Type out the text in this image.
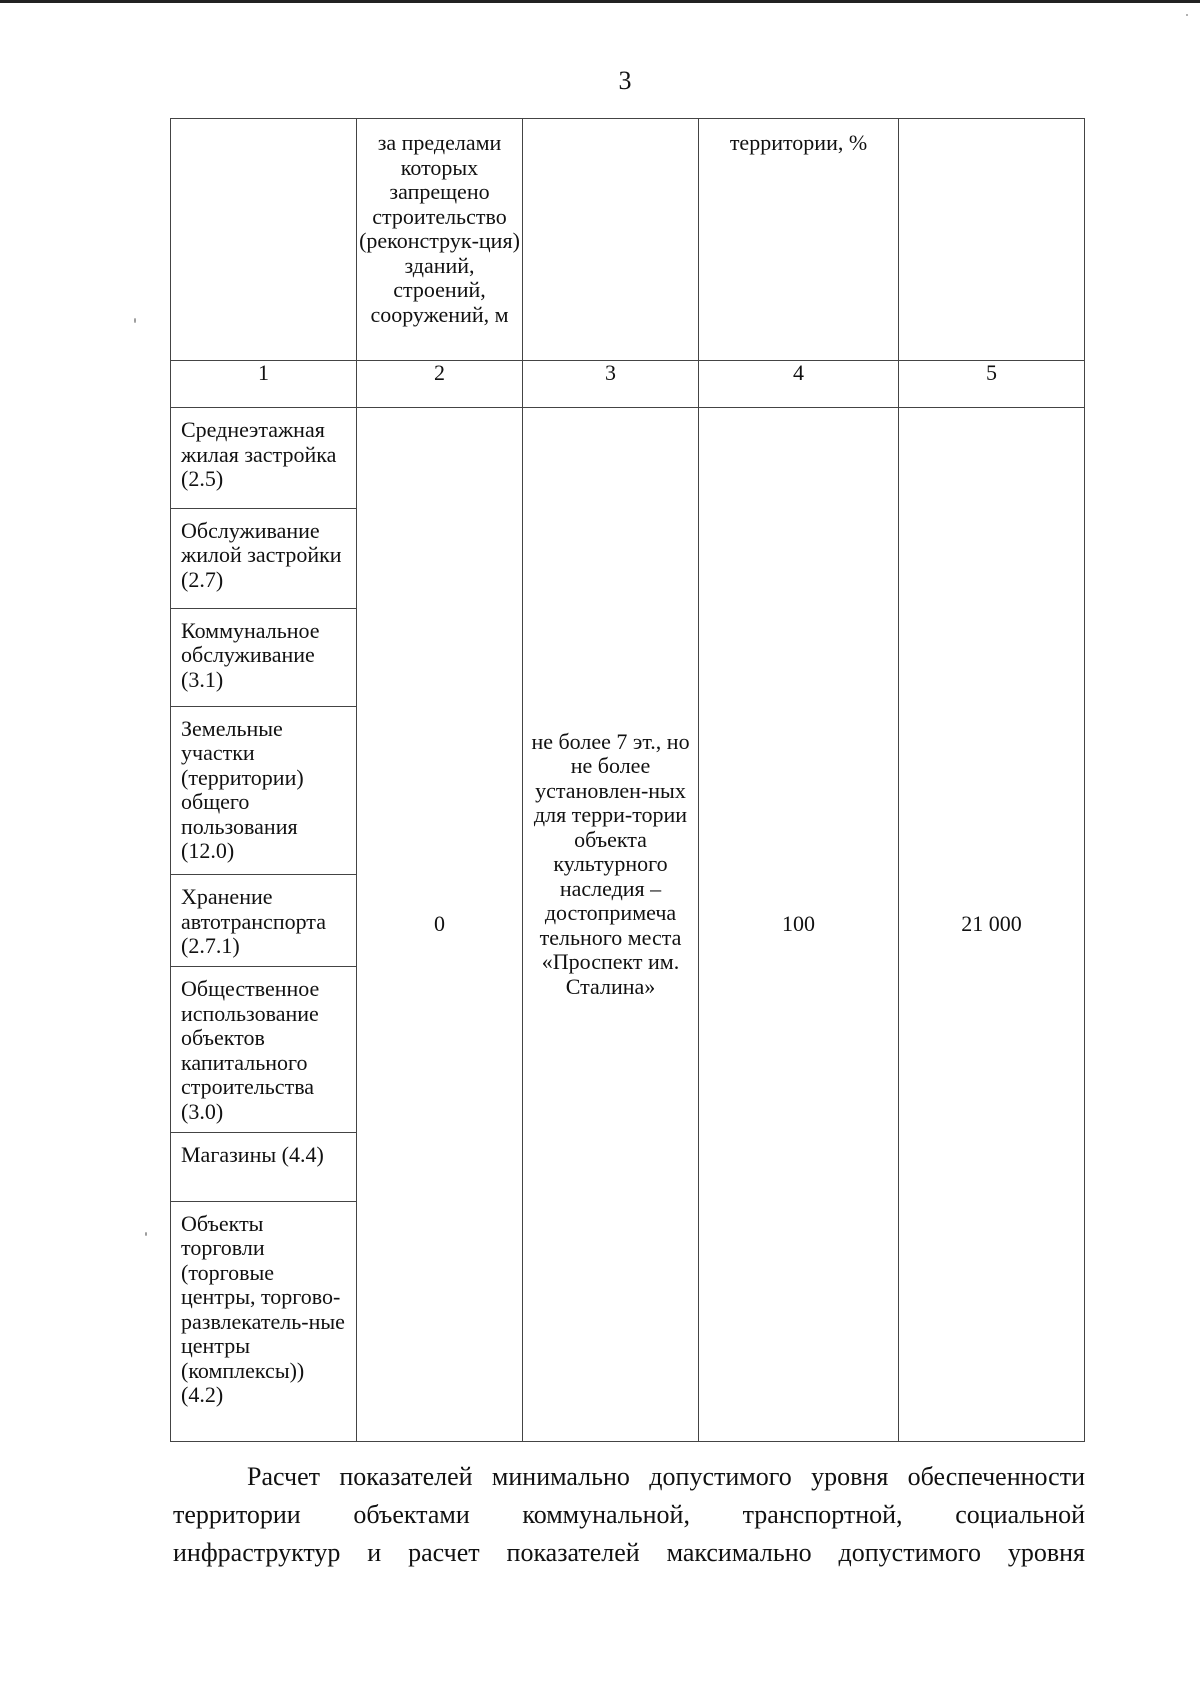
3

	за пределами которых запрещено строительство (реконструк-ция) зданий, строений, сооружений, м		территории, %	

1	2	3	4	5
Среднеэтажная жилая застройка (2.5)	0	не более 7 эт., но не более установлен-ных для терри-тории объекта культурного наследия – достопримеча тельного места «Проспект им. Сталина»	100	21 000

Обслуживание жилой застройки (2.7)				
Коммунальное обслуживание (3.1)				
Земельные участки (территории) общего пользования (12.0)				
Хранение автотранспорта (2.7.1)				
Общественное использование объектов капитального строительства (3.0)				
Магазины (4.4)				
Объекты торговли (торговые центры, торгово-развлекатель-ные центры (комплексы)) (4.2)				
Расчет показателей минимально допустимого уровня обеспеченности
территории объектами коммунальной, транспортной, социальной
инфраструктур и расчет показателей максимально допустимого уровня
